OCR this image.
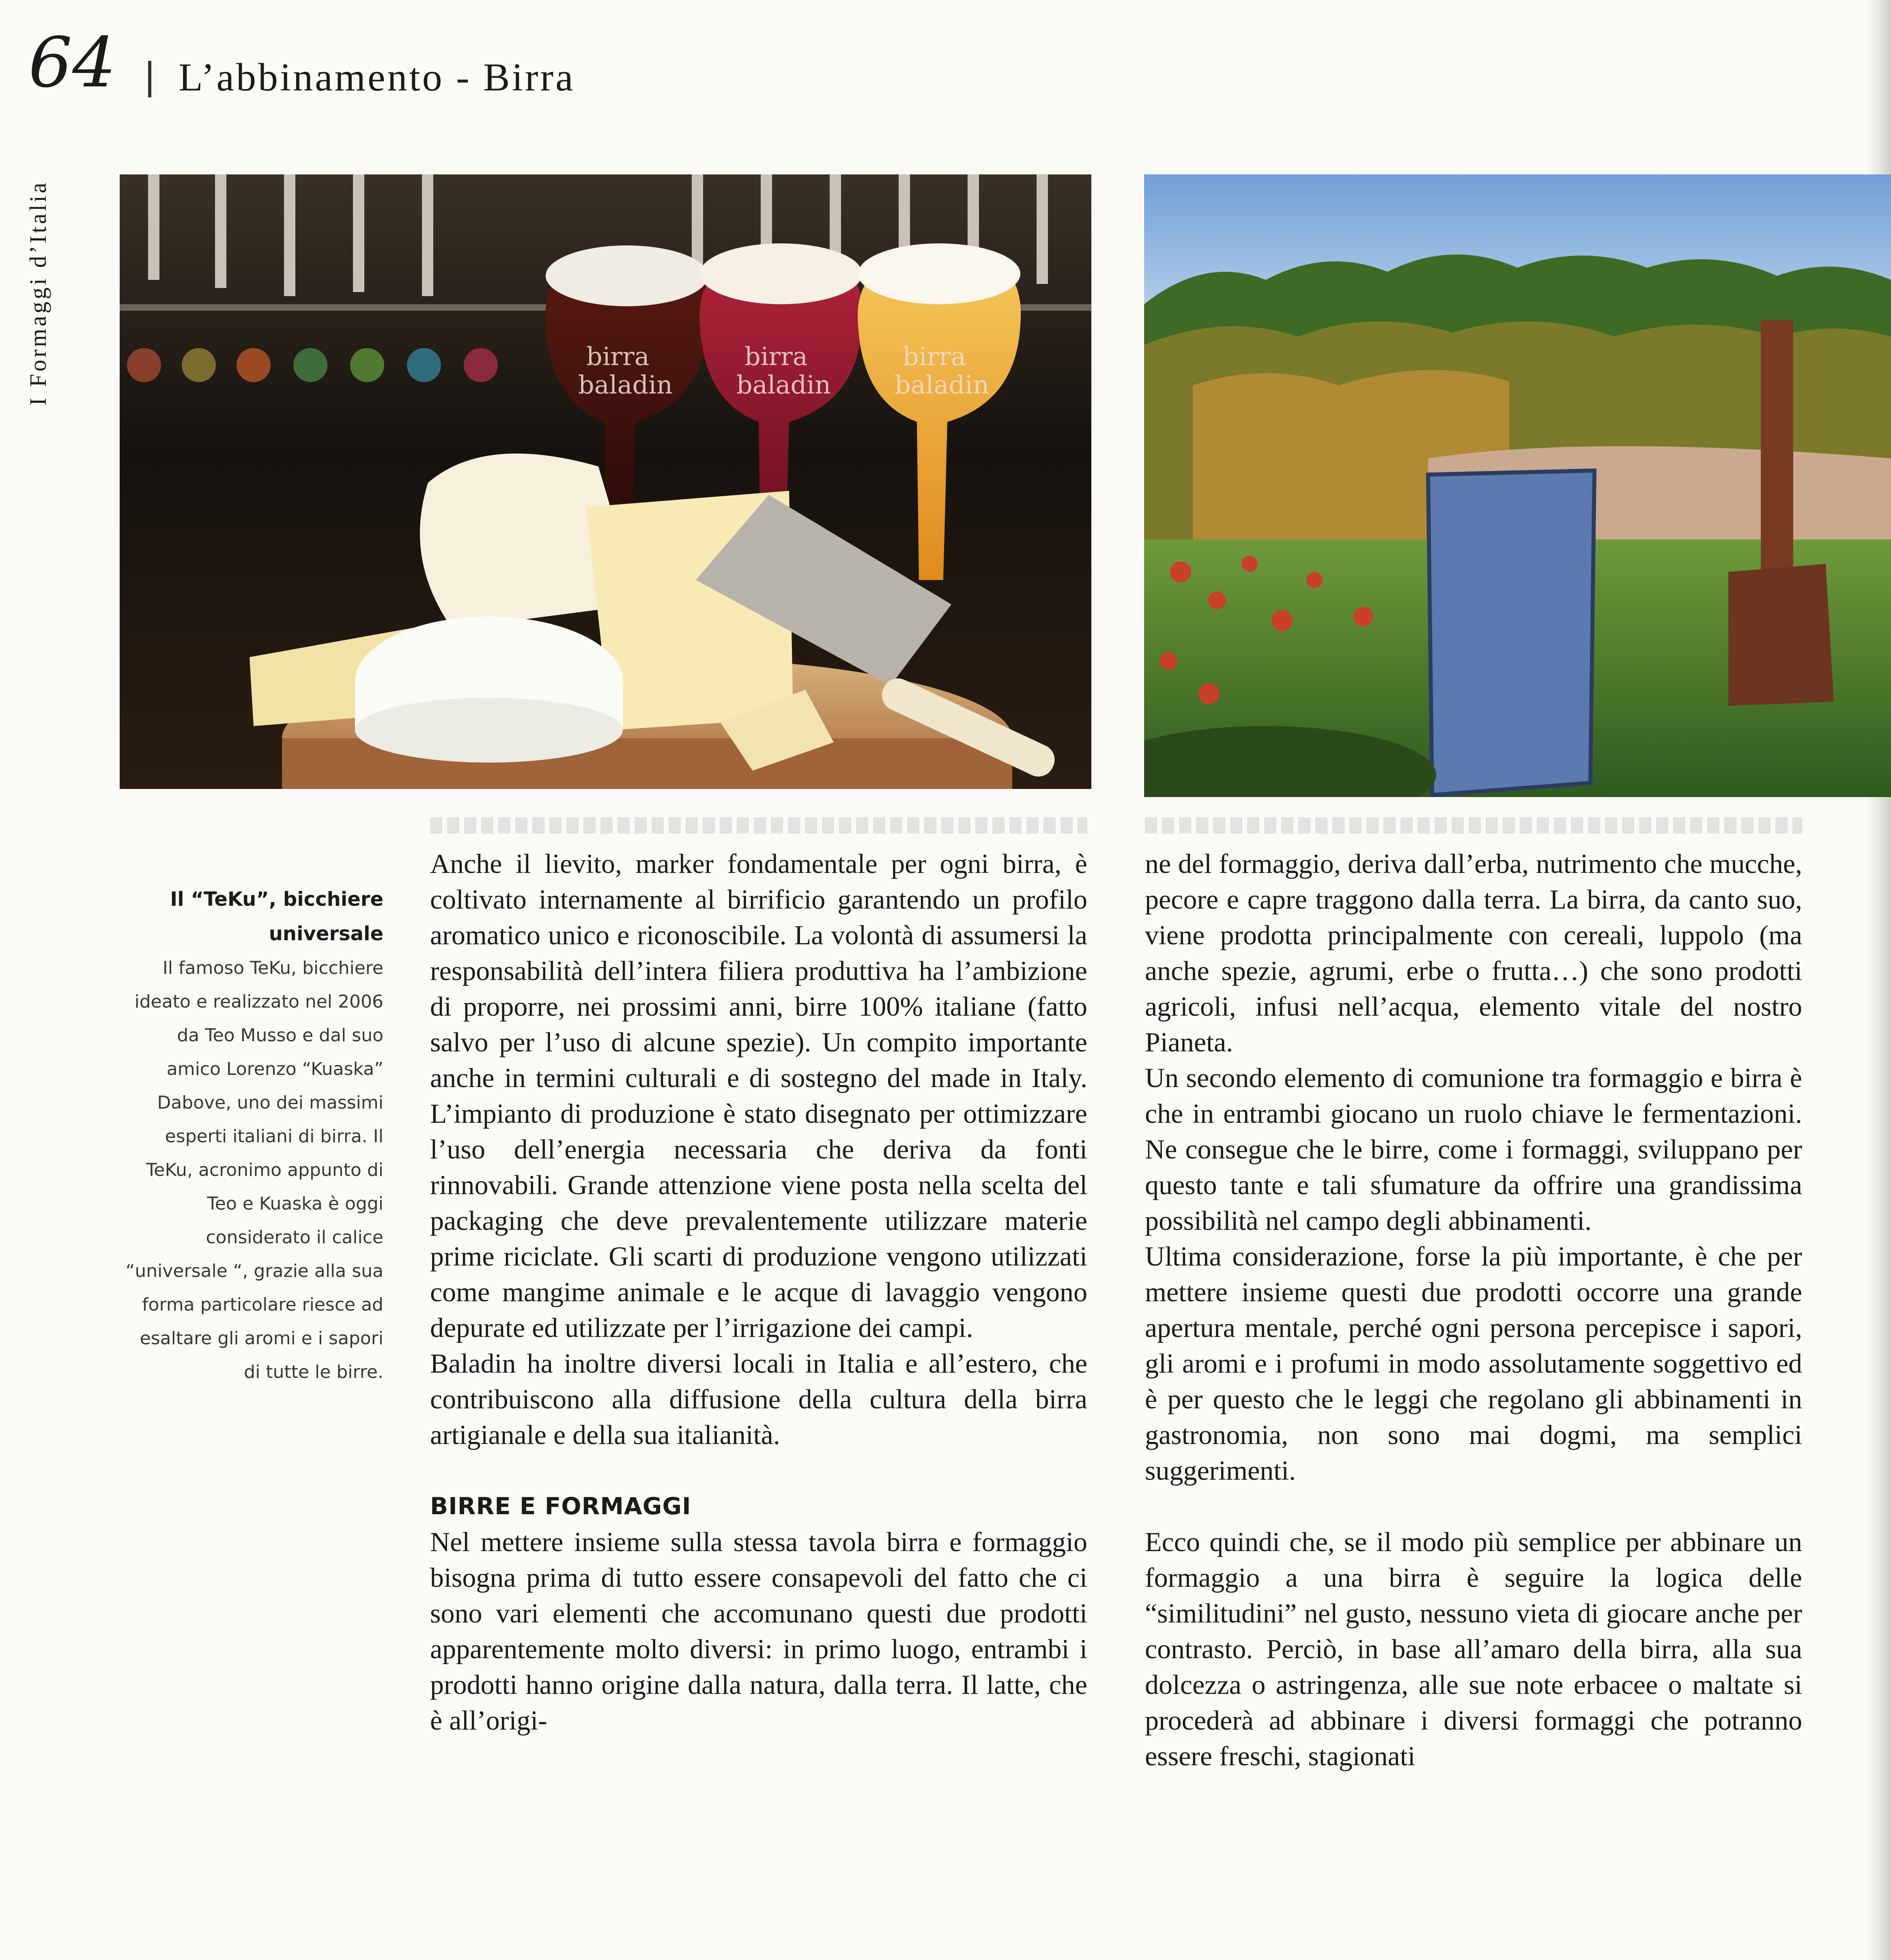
64 L’abbinamento - Birra
I Formaggi d’Italia	birra
baladin
birra
baladin
birra
baladin
Il “TeKu”, bicchiere universale
Il famoso TeKu, bicchiere ideato e realizzato nel 2006 da Teo Musso e dal suo amico Lorenzo “Kuaska” Dabove, uno dei massimi esperti italiani di birra. Il TeKu, acronimo appunto di Teo e Kuaska è oggi considerato il calice “universale “, grazie alla sua forma particolare riesce ad esaltare gli aromi e i sapori di tutte le birre.

Anche il lievito, marker fondamentale per ogni birra, è coltivato internamente al birrificio garantendo un profilo aromatico unico e riconoscibile. La volontà di assumersi la responsabilità dell’intera filiera produttiva ha l’ambizione di proporre, nei prossimi anni, birre 100% italiane (fatto salvo per l’uso di alcune spezie). Un compito importante anche in termini culturali e di sostegno del made in Italy. L’impianto di produzione è stato disegnato per ottimizzare l’uso dell’energia necessaria che deriva da fonti rinnovabili. Grande attenzione viene posta nella scelta del packaging che deve prevalentemente utilizzare materie prime riciclate. Gli scarti di produzione vengono utilizzati come mangime animale e le acque di lavaggio vengono depurate ed utilizzate per l’irrigazione dei campi.

Baladin ha inoltre diversi locali in Italia e all’estero, che contribuiscono alla diffusione della cultura della birra artigianale e della sua italianità.

BIRRE E FORMAGGI

Nel mettere insieme sulla stessa tavola birra e formaggio bisogna prima di tutto essere consapevoli del fatto che ci sono vari elementi che accomunano questi due prodotti apparentemente molto diversi: in primo luogo, entrambi i prodotti hanno origine dalla natura, dalla terra. Il latte, che è all’origi-

ne del formaggio, deriva dall’erba, nutrimento che mucche, pecore e capre traggono dalla terra. La birra, da canto suo, viene prodotta principalmente con cereali, luppolo (ma anche spezie, agrumi, erbe o frutta…) che sono prodotti agricoli, infusi nell’acqua, elemento vitale del nostro Pianeta.

Un secondo elemento di comunione tra formaggio e birra è che in entrambi giocano un ruolo chiave le fermentazioni. Ne consegue che le birre, come i formaggi, sviluppano per questo tante e tali sfumature da offrire una grandissima possibilità nel campo degli abbinamenti.

Ultima considerazione, forse la più importante, è che per mettere insieme questi due prodotti occorre una grande apertura mentale, perché ogni persona percepisce i sapori, gli aromi e i profumi in modo assolutamente soggettivo ed è per questo che le leggi che regolano gli abbinamenti in gastronomia, non sono mai dogmi, ma semplici suggerimenti.

Ecco quindi che, se il modo più semplice per abbinare un formaggio a una birra è seguire la logica delle “similitudini” nel gusto, nessuno vieta di giocare anche per contrasto. Perciò, in base all’amaro della birra, alla sua dolcezza o astringenza, alle sue note erbacee o maltate si procederà ad abbinare i diversi formaggi che potranno essere freschi, stagionati
